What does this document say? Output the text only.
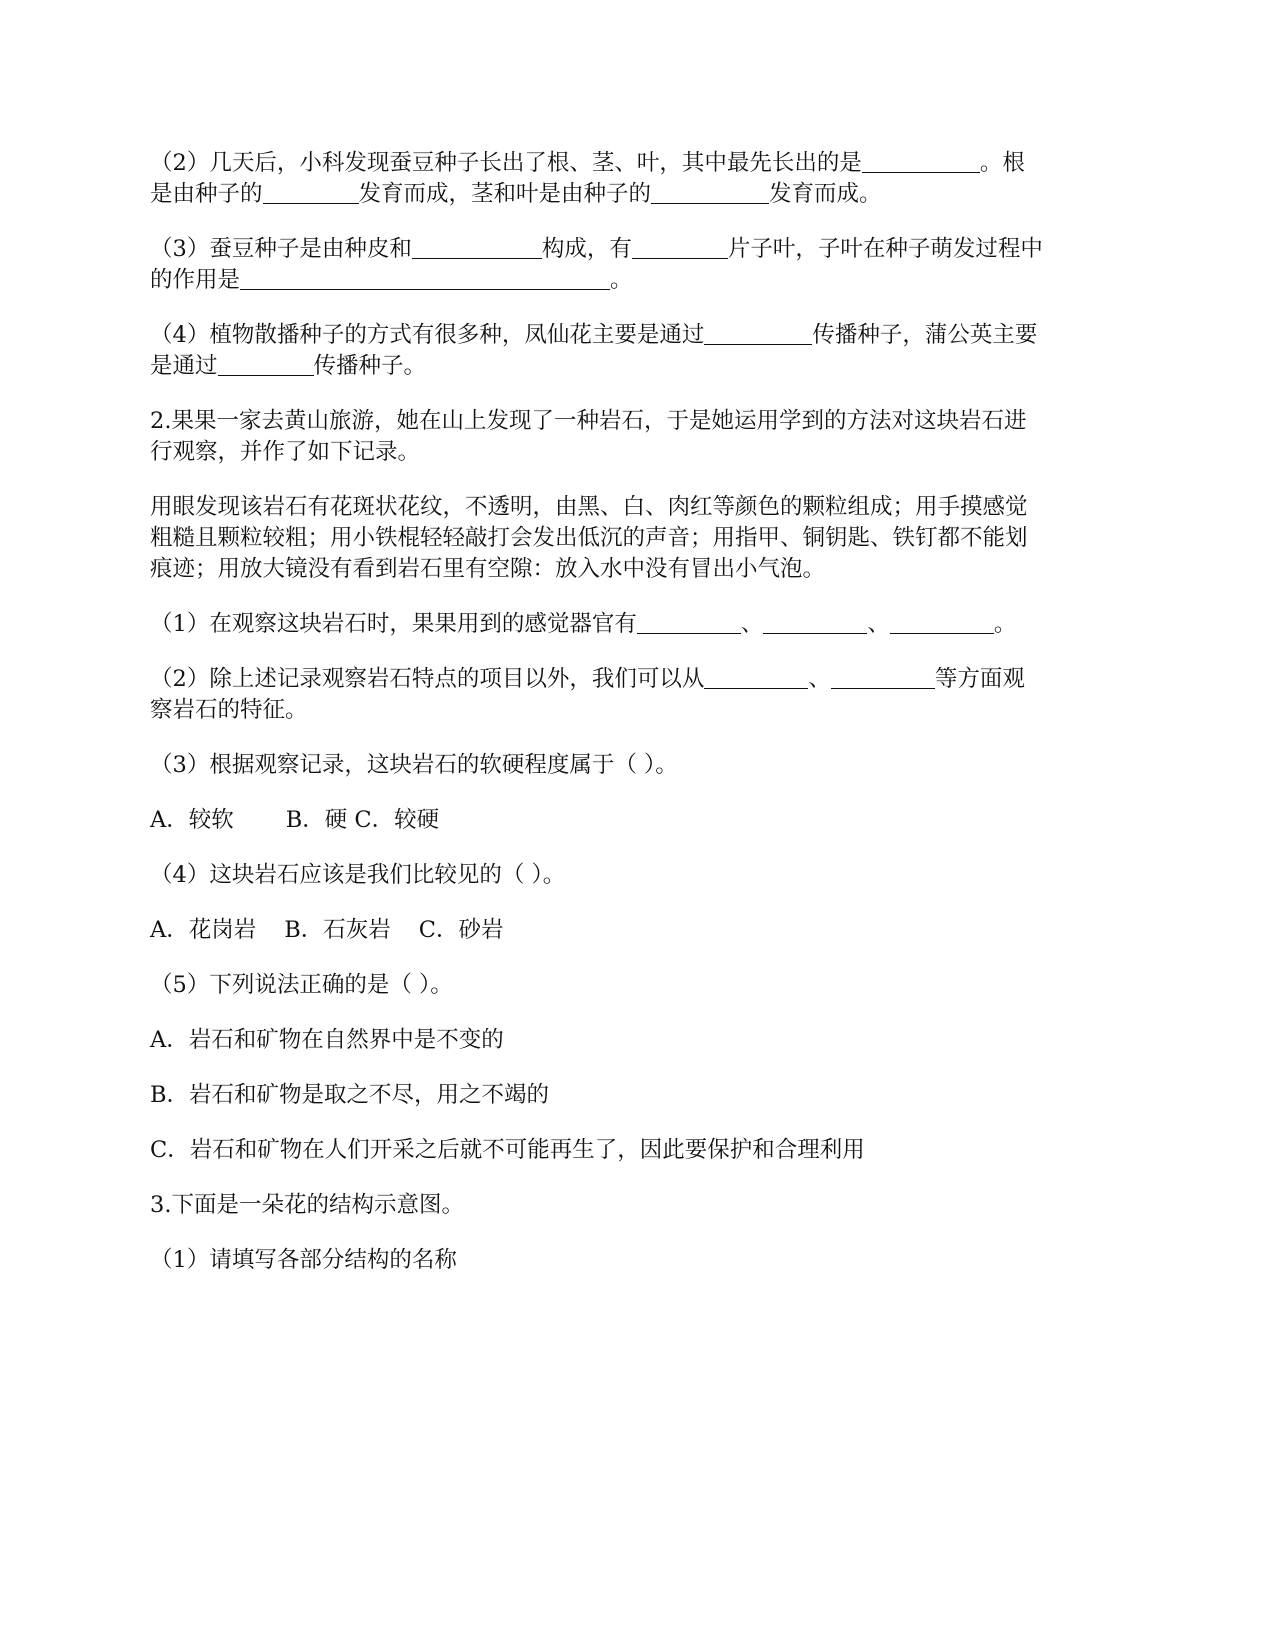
（2）几天后，小科发现蚕豆种子长出了根、茎、叶，其中最先长出的是	。根
是由种子的	发育而成，茎和叶是由种子的	发育而成。
（3）蚕豆种子是由种皮和	构成，有	片子叶，子叶在种子萌发过程中
的作用是	。
（4）植物散播种子的方式有很多种，凤仙花主要是通过	传播种子，蒲公英主要
是通过	传播种子。
2.果果一家去黄山旅游，她在山上发现了一种岩石，于是她运用学到的方法对这块岩石进
行观察，并作了如下记录。
用眼发现该岩石有花斑状花纹，不透明，由黑、白、肉红等颜色的颗粒组成；用手摸感觉
粗糙且颗粒较粗；用小铁棍轻轻敲打会发出低沉的声音；用指甲、铜钥匙、铁钉都不能划
痕迹；用放大镜没有看到岩石里有空隙：放入水中没有冒出小气泡。
（1）在观察这块岩石时，果果用到的感觉器官有	、	、	。
（2）除上述记录观察岩石特点的项目以外，我们可以从	、	等方面观
察岩石的特征。
（3）根据观察记录，这块岩石的软硬程度属于（ ）。
A．较软 B．硬 C．较硬
（4）这块岩石应该是我们比较见的（ ）。
A．花岗岩 B．石灰岩 C．砂岩
（5）下列说法正确的是（ ）。
A．岩石和矿物在自然界中是不变的
B．岩石和矿物是取之不尽，用之不竭的
C．岩石和矿物在人们开采之后就不可能再生了，因此要保护和合理利用
3.下面是一朵花的结构示意图。
（1）请填写各部分结构的名称
